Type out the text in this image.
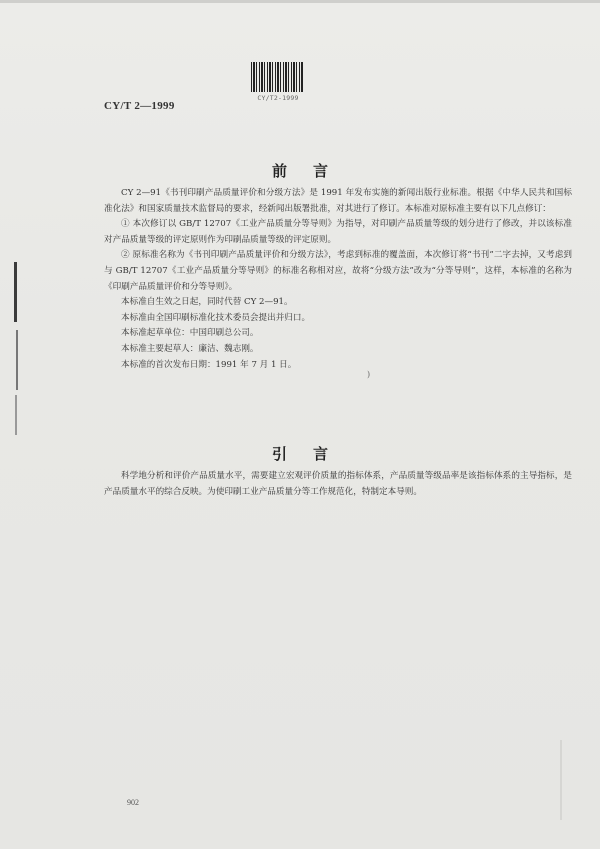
CY/T2-1999
CY/T 2—1999
前言

CY 2—91《书刊印刷产品质量评价和分级方法》是 1991 年发布实施的新闻出版行业标准。根据《中华人民共和国标准化法》和国家质量技术监督局的要求，经新闻出版署批准，对其进行了修订。本标准对原标准主要有以下几点修订：

① 本次修订以 GB/T 12707《工业产品质量分等导则》为指导，对印刷产品质量等级的划分进行了修改，并以该标准对产品质量等级的评定原则作为印刷品质量等级的评定原则。

② 原标准名称为《书刊印刷产品质量评价和分级方法》，考虑到标准的覆盖面，本次修订将“书刊”二字去掉，又考虑到与 GB/T 12707《工业产品质量分等导则》的标准名称相对应，故将“分级方法”改为“分等导则”，这样，本标准的名称为《印刷产品质量评价和分等导则》。

本标准自生效之日起，同时代替 CY 2—91。

本标准由全国印刷标准化技术委员会提出并归口。

本标准起草单位：中国印刷总公司。

本标准主要起草人：廉洁、魏志刚。

本标准的首次发布日期：1991 年 7 月 1 日。

)
引言

科学地分析和评价产品质量水平，需要建立宏观评价质量的指标体系，产品质量等级品率是该指标体系的主导指标，是产品质量水平的综合反映。为使印刷工业产品质量分等工作规范化，特制定本导则。

902
